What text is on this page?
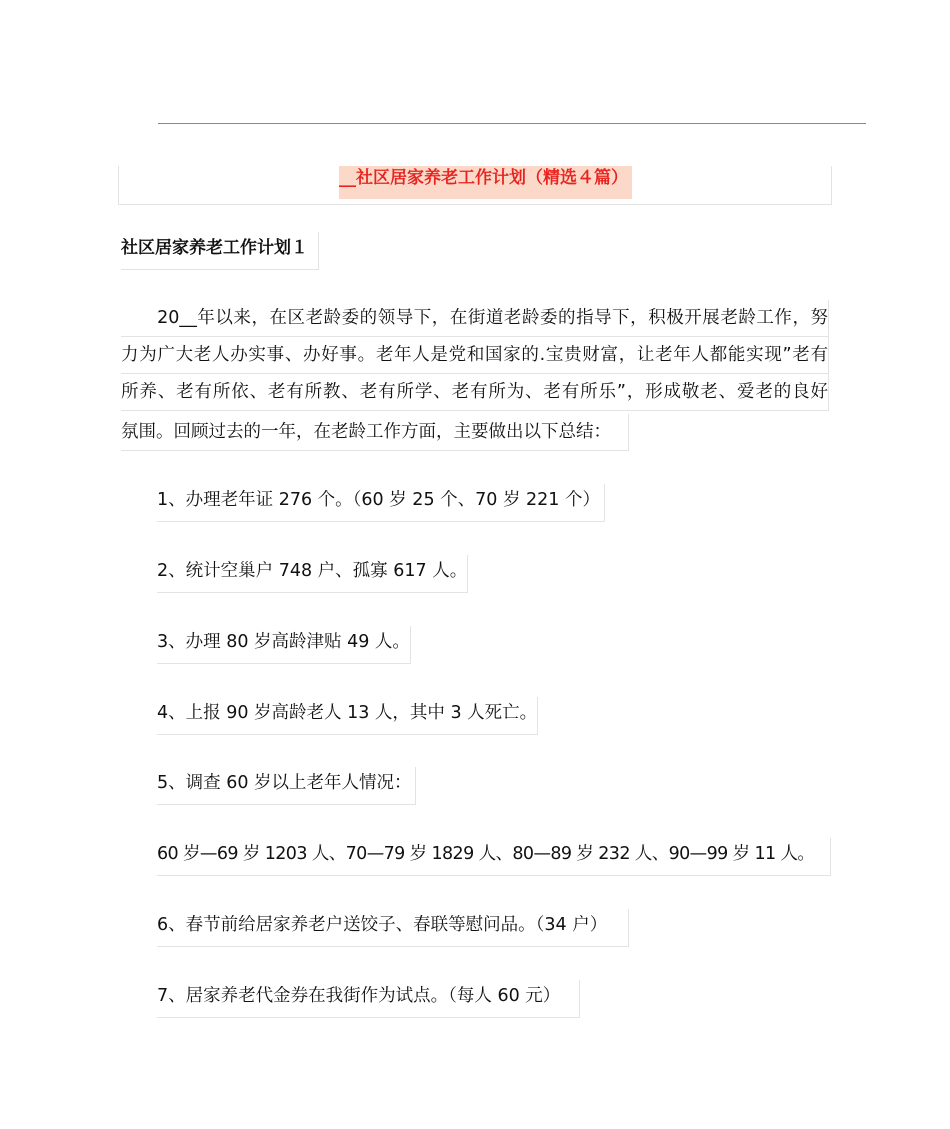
__社区居家养老工作计划（精选４篇）
社区居家养老工作计划１
　　20__年以来，在区老龄委的领导下，在街道老龄委的指导下，积极开展老龄工作，努
力为广大老人办实事、办好事。老年人是党和国家的.宝贵财富，让老年人都能实现”老有
所养、老有所依、老有所教、老有所学、老有所为、老有所乐”，形成敬老、爱老的良好
氛围。回顾过去的一年，在老龄工作方面，主要做出以下总结：
1、办理老年证 276 个。（60 岁 25 个、70 岁 221 个）
2、统计空巢户 748 户、孤寡 617 人。
3、办理 80 岁高龄津贴 49 人。
4、上报 90 岁高龄老人 13 人，其中 3 人死亡。
5、调查 60 岁以上老年人情况：
60 岁—69 岁 1203 人、70—79 岁 1829 人、80—89 岁 232 人、90—99 岁 11 人。
6、春节前给居家养老户送饺子、春联等慰问品。（34 户）
7、居家养老代金券在我街作为试点。（每人 60 元）
